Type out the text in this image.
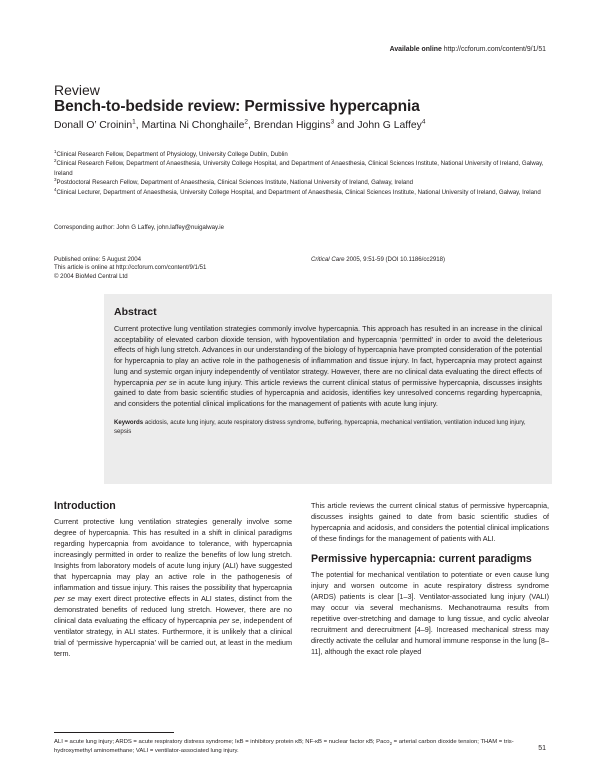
Available online http://ccforum.com/content/9/1/51
Review
Bench-to-bedside review: Permissive hypercapnia
Donall O’ Croinin$^1$, Martina Ni Chonghaile$^2$, Brendan Higgins$^3$ and John G Laffey$^4$

$^1$Clinical Research Fellow, Department of Physiology, University College Dublin, Dublin

$^2$Clinical Research Fellow, Department of Anaesthesia, University College Hospital, and Department of Anaesthesia, Clinical Sciences Institute, National University of Ireland, Galway, Ireland

$^3$Postdoctoral Research Fellow, Department of Anaesthesia, Clinical Sciences Institute, National University of Ireland, Galway, Ireland

$^4$Clinical Lecturer, Department of Anaesthesia, University College Hospital, and Department of Anaesthesia, Clinical Sciences Institute, National University of Ireland, Galway, Ireland

Corresponding author: John G Laffey, john.laffey@nuigalway.ie
Published online: 5 August 2004
This article is online at http://ccforum.com/content/9/1/51
© 2004 BioMed Central Ltd
Critical Care 2005, 9:51-59 (DOI 10.1186/cc2918)
Abstract
Current protective lung ventilation strategies commonly involve hypercapnia. This approach has resulted in an increase in the clinical acceptability of elevated carbon dioxide tension, with hypoventilation and hypercapnia ‘permitted’ in order to avoid the deleterious effects of high lung stretch. Advances in our understanding of the biology of hypercapnia have prompted consideration of the potential for hypercapnia to play an active role in the pathogenesis of inflammation and tissue injury. In fact, hypercapnia may protect against lung and systemic organ injury independently of ventilator strategy. However, there are no clinical data evaluating the direct effects of hypercapnia per se in acute lung injury. This article reviews the current clinical status of permissive hypercapnia, discusses insights gained to date from basic scientific studies of hypercapnia and acidosis, identifies key unresolved concerns regarding hypercapnia, and considers the potential clinical implications for the management of patients with acute lung injury.
Keywords acidosis, acute lung injury, acute respiratory distress syndrome, buffering, hypercapnia, mechanical ventilation, ventilation induced lung injury, sepsis
Introduction
Current protective lung ventilation strategies generally involve some degree of hypercapnia. This has resulted in a shift in clinical paradigms regarding hypercapnia from avoidance to tolerance, with hypercapnia increasingly permitted in order to realize the benefits of low lung stretch. Insights from laboratory models of acute lung injury (ALI) have suggested that hypercapnia may play an active role in the pathogenesis of inflammation and tissue injury. This raises the possibility that hypercapnia per se may exert direct protective effects in ALI states, distinct from the demonstrated benefits of reduced lung stretch. However, there are no clinical data evaluating the efficacy of hypercapnia per se, independent of ventilator strategy, in ALI states. Furthermore, it is unlikely that a clinical trial of ‘permissive hypercapnia’ will be carried out, at least in the medium term.
This article reviews the current clinical status of permissive hypercapnia, discusses insights gained to date from basic scientific studies of hypercapnia and acidosis, and considers the potential clinical implications of these findings for the management of patients with ALI.
Permissive hypercapnia: current paradigms
The potential for mechanical ventilation to potentiate or even cause lung injury and worsen outcome in acute respiratory distress syndrome (ARDS) patients is clear [1–3]. Ventilator-associated lung injury (VALI) may occur via several mechanisms. Mechanotrauma results from repetitive over-stretching and damage to lung tissue, and cyclic alveolar recruitment and derecruitment [4–9]. Increased mechanical stress may directly activate the cellular and humoral immune response in the lung [8–11], although the exact role played
ALI = acute lung injury; ARDS = acute respiratory distress syndrome; IκB = inhibitory protein κB; NF-κB = nuclear factor κB; Paco$_2$ = arterial carbon dioxide tension; THAM = tris-hydroxymethyl aminomethane; VALI = ventilator-associated lung injury.	51
